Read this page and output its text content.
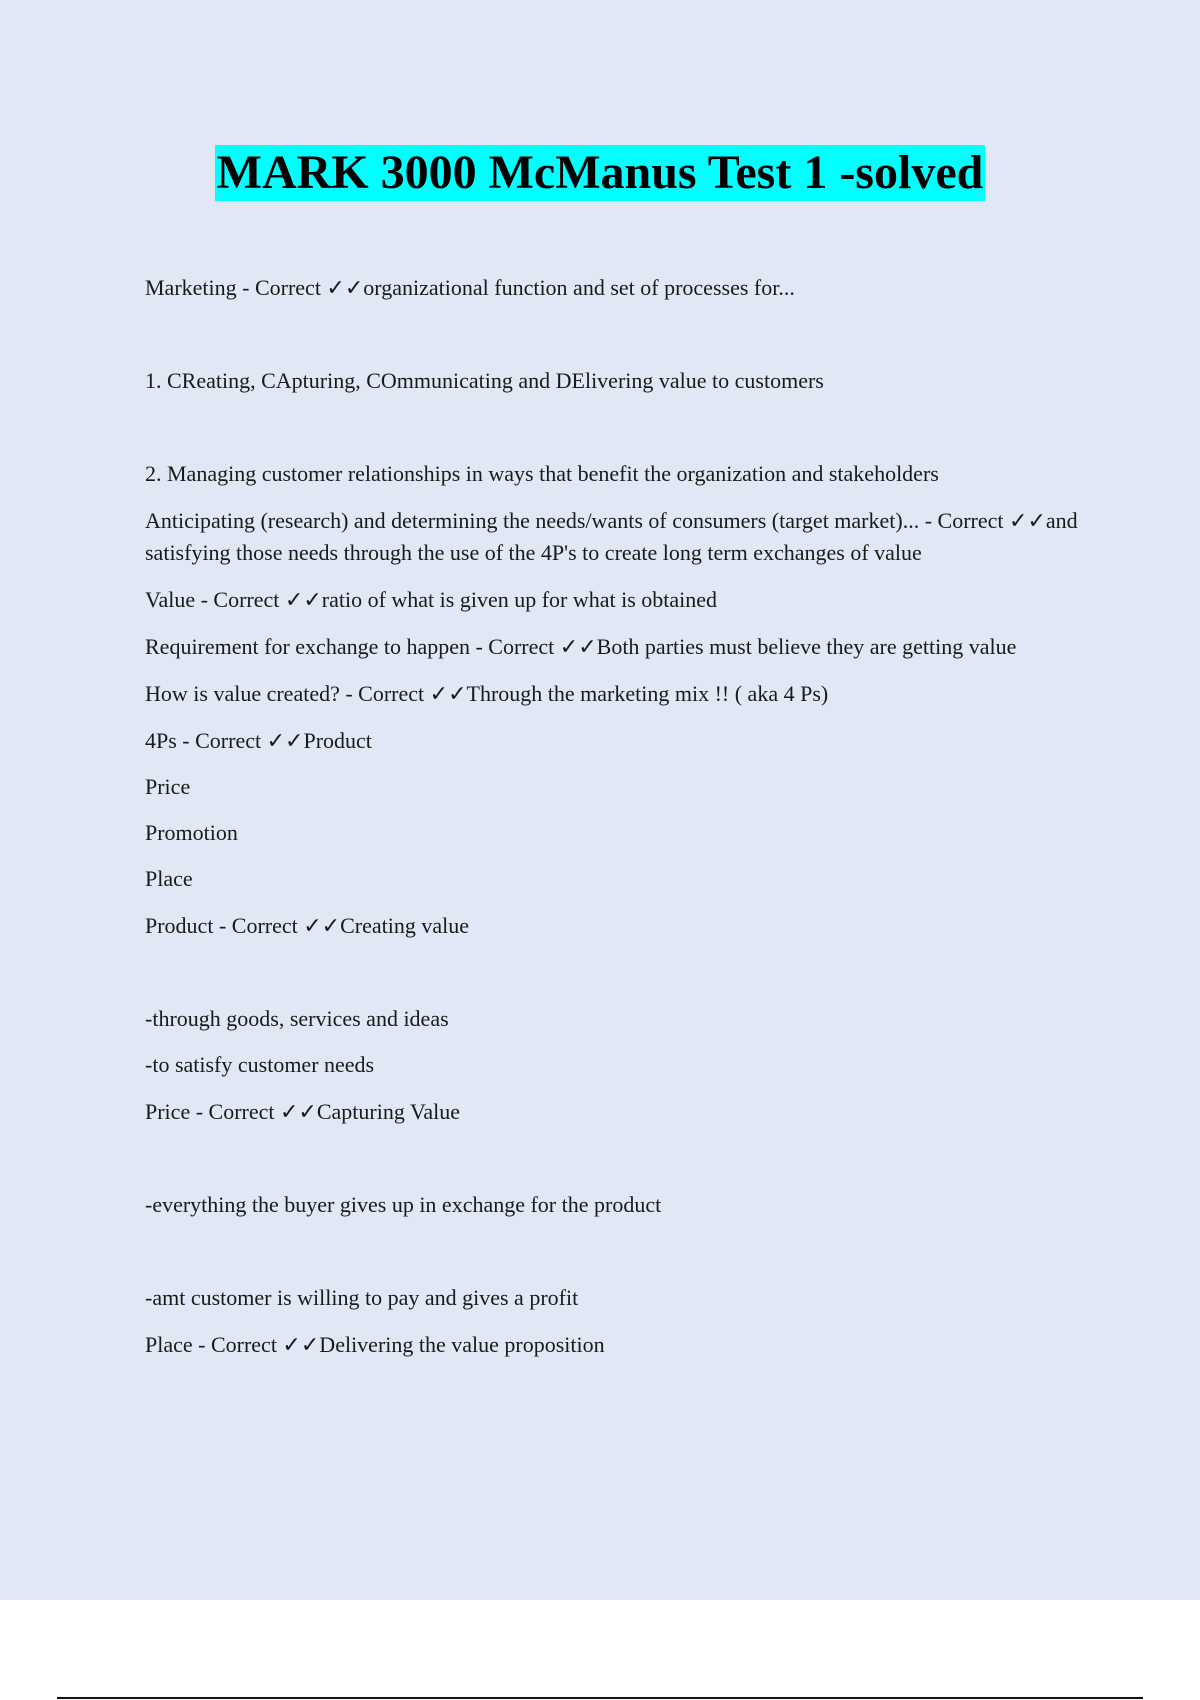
MARK 3000 McManus Test 1 -solved

Marketing - Correct ✓✓organizational function and set of processes for...

1. CReating, CApturing, COmmunicating and DElivering value to customers

2. Managing customer relationships in ways that benefit the organization and stakeholders

Anticipating (research) and determining the needs/wants of consumers (target market)... - Correct ✓✓and satisfying those needs through the use of the 4P's to create long term exchanges of value

Value - Correct ✓✓ratio of what is given up for what is obtained

Requirement for exchange to happen - Correct ✓✓Both parties must believe they are getting value

How is value created? - Correct ✓✓Through the marketing mix !! ( aka 4 Ps)

4Ps - Correct ✓✓Product

Price

Promotion

Place

Product - Correct ✓✓Creating value

-through goods, services and ideas

-to satisfy customer needs

Price - Correct ✓✓Capturing Value

-everything the buyer gives up in exchange for the product

-amt customer is willing to pay and gives a profit

Place - Correct ✓✓Delivering the value proposition
